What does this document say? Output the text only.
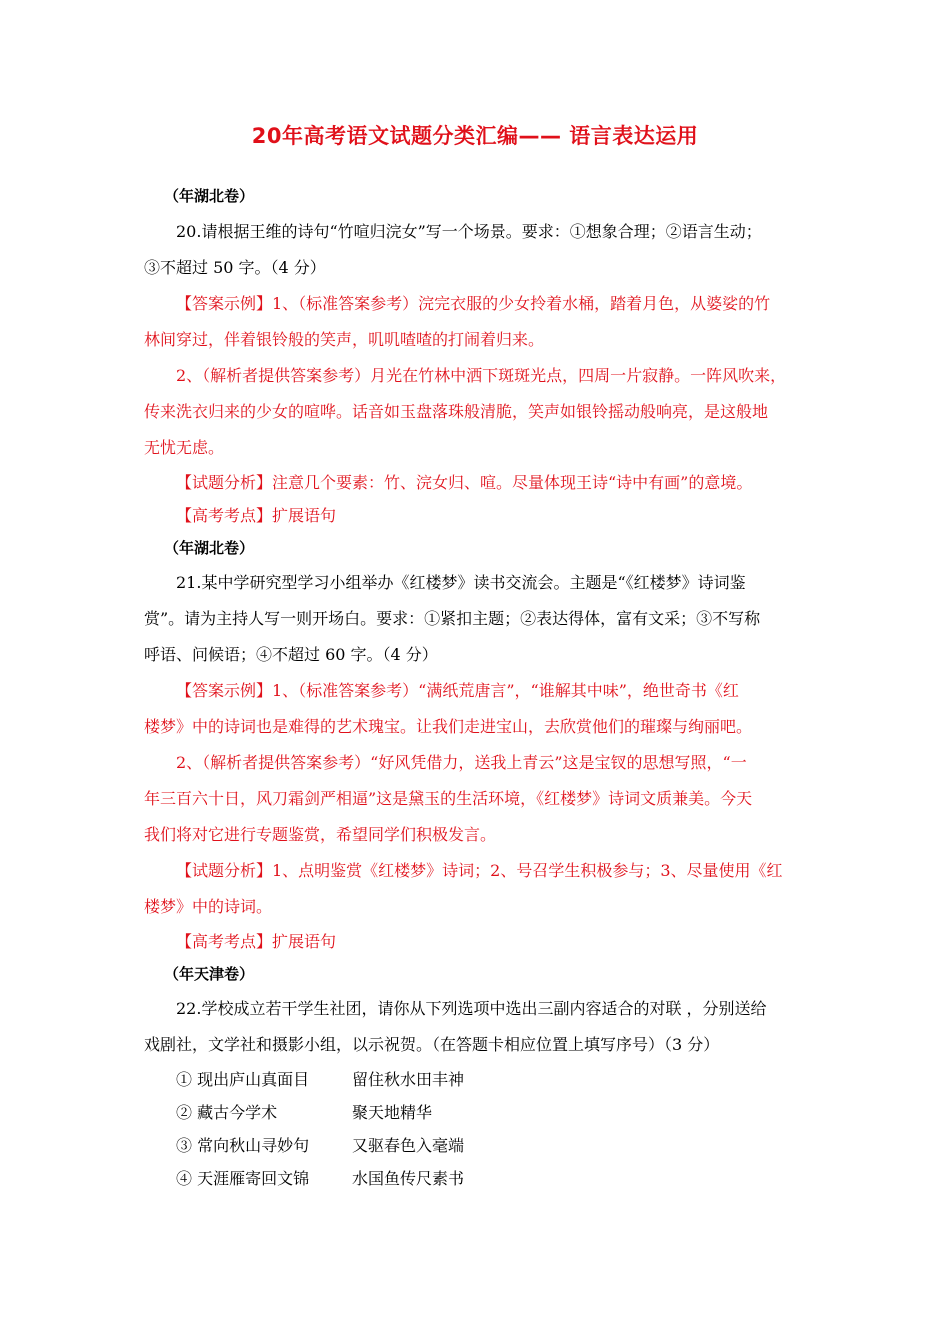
20年高考语文试题分类汇编—— 语言表达运用
（年湖北卷）
20.请根据王维的诗句“竹喧归浣女”写一个场景。要求：①想象合理；②语言生动；
③不超过 50 字。（4 分）
【答案示例】1、（标准答案参考）浣完衣服的少女拎着水桶，踏着月色，从婆娑的竹
林间穿过，伴着银铃般的笑声，叽叽喳喳的打闹着归来。
2、（解析者提供答案参考）月光在竹林中洒下斑斑光点，四周一片寂静。一阵风吹来，
传来洗衣归来的少女的喧哗。话音如玉盘落珠般清脆，笑声如银铃摇动般响亮，是这般地
无忧无虑。
【试题分析】注意几个要素：竹、浣女归、喧。尽量体现王诗“诗中有画”的意境。
【高考考点】扩展语句
（年湖北卷）
21.某中学研究型学习小组举办《红楼梦》读书交流会。主题是“《红楼梦》诗词鉴
赏”。请为主持人写一则开场白。要求：①紧扣主题；②表达得体，富有文采；③不写称
呼语、问候语；④不超过 60 字。（4 分）
【答案示例】1、（标准答案参考）“满纸荒唐言”，“谁解其中味”，绝世奇书《红
楼梦》中的诗词也是难得的艺术瑰宝。让我们走进宝山，去欣赏他们的璀璨与绚丽吧。
2、（解析者提供答案参考）“好风凭借力，送我上青云”这是宝钗的思想写照，“一
年三百六十日，风刀霜剑严相逼”这是黛玉的生活环境，《红楼梦》诗词文质兼美。今天
我们将对它进行专题鉴赏，希望同学们积极发言。
【试题分析】1、点明鉴赏《红楼梦》诗词；2、号召学生积极参与；3、尽量使用《红
楼梦》中的诗词。
【高考考点】扩展语句
（年天津卷）
22.学校成立若干学生社团，请你从下列选项中选出三副内容适合的对联 ，分别送给
戏剧社，文学社和摄影小组，以示祝贺。（在答题卡相应位置上填写序号）（3 分）
① 现出庐山真面目	留住秋水田丰神
② 藏古今学术	聚天地精华
③ 常向秋山寻妙句	又驱春色入毫端
④ 天涯雁寄回文锦	水国鱼传尺素书
